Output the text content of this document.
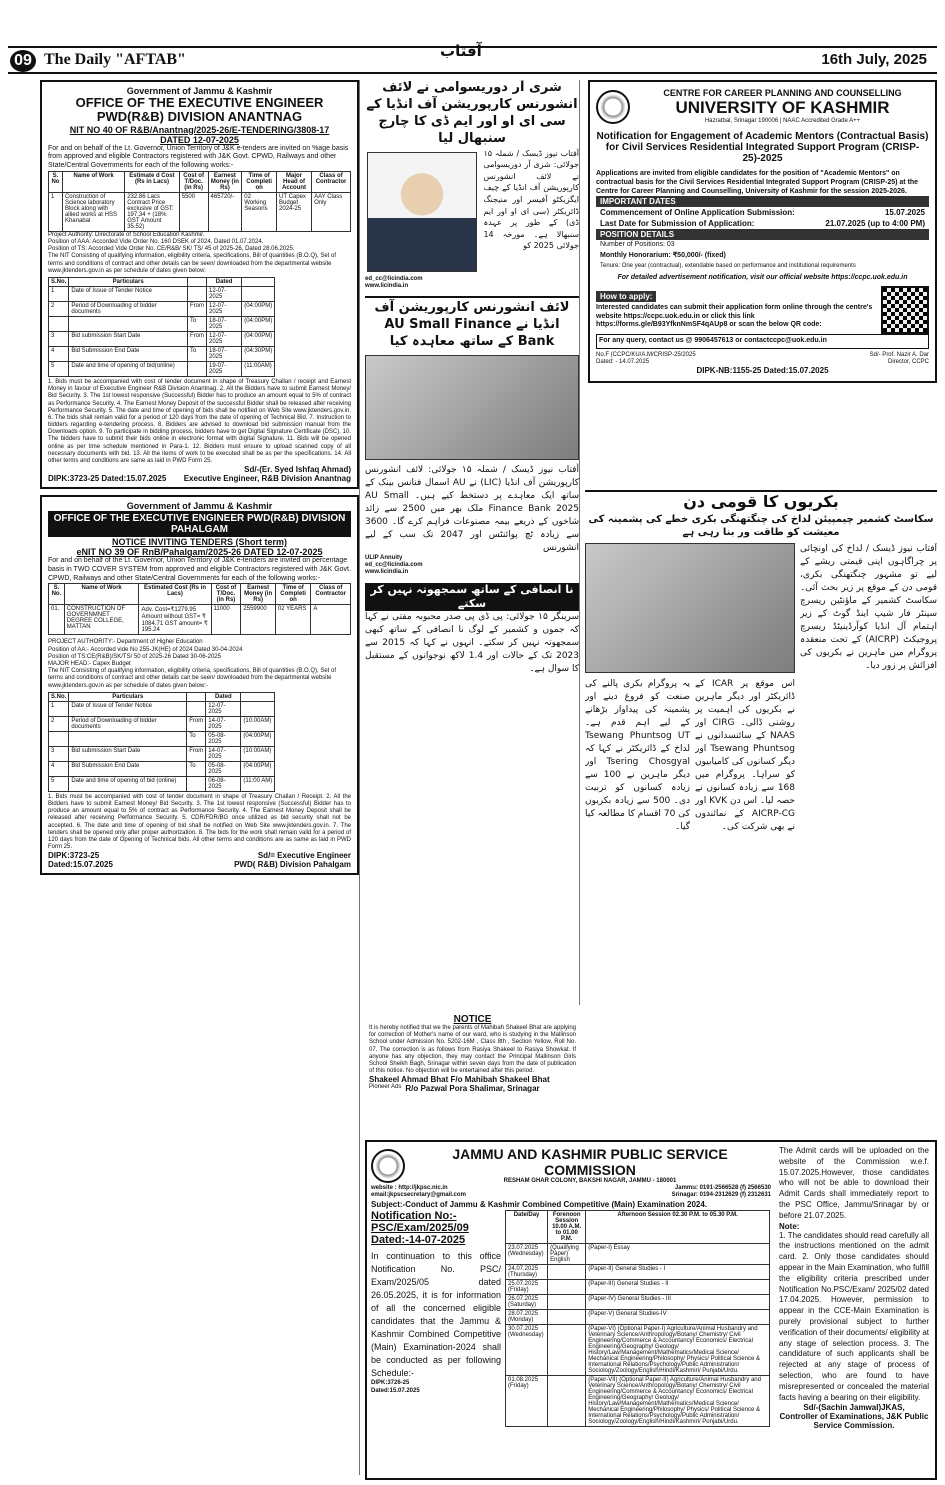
09 The Daily "AFTAB"	16th July, 2025
آفتاب
Government of Jammu & Kashmir
OFFICE OF THE EXECUTIVE ENGINEER PWD(R&B) DIVISION ANANTNAG
NIT NO 40 OF R&B/Anantnag/2025-26/E-TENDERING/3808-17
DATED 12-07-2025

For and on behalf of the Lt. Governor, Union Territory of J&K e-tenders are invited on %age basis from approved and eligible Contractors registered with J&K Govt. CPWD, Railways and other State/Central Governments for each of the following works:-

S. No	Name of Work	Estimate d Cost (Rs in Lacs)	Cost of T/Doc. (in Rs)	Earnest Money (in Rs)	Time of Completi on	Major Head of Account	Class of Contractor
1	Construction of Science laboratory Block along with allied works at HSS Khanabal	232.86 Lacs Contract Price exclusive of GST: 197.34 + (18% GST Amount 35.52)	5500	465720/-	02 Working Seasons	UT Capex Budget 2024-25	AAY Class Only

Project Authority: Directorate of School Education Kashmir.

Position of AAA: Accorded Vide Order No. 160 DSEK of 2024, Dated 01.07.2024.

Position of TS: Accorded Vide Order No. CE/R&B/ SK/ TS/ 45 of 2025-26, Dated 28.06.2025.

The NIT Consisting of qualifying information, eligibility criteria, specifications, Bill of quantities (B.O.Q), Set of terms and conditions of contract and other details can be seen/ downloaded from the departmental website www.jktenders.gov.in as per schedule of dates given below:

S.No.	Particulars		Dated	
1	Date of Issue of Tender Notice		12-07-2025	
2	Period of Downloading of bidder documents	From	12-07-2025	(04:00PM)
		To	18-07-2025	(04:00PM)
3	Bid submission Start Date	From	12-07-2025	(04:00PM)
4	Bid Submission End Date	To	18-07-2025	(04:30PM)
5	Date and time of opening of bid(online)		19-07-2025	(11:00AM)

1. Bids must be accompanied with cost of tender document in shape of Treasury Challan / receipt and Earnest Money in favour of Executive Engineer R&B Division Anantnag. 2. All the Bidders have to submit Earnest Money/ Bid Security. 3. The 1st lowest responsive (Successful) Bidder has to produce an amount equal to 5% of contract as Performance Security. 4. The Earnest Money Deposit of the successful Bidder shall be released after receiving Performance Security. 5. The date and time of opening of bids shall be notified on Web Site www.jktenders.gov.in. 6. The bids shall remain valid for a period of 120 days from the date of opening of Technical Bid. 7. Instruction to bidders regarding e-tendering process. 8. Bidders are advised to download bid submission manual from the Downloads option. 9. To participate in bidding process, bidders have to get Digital Signature Certificate (DSC). 10. The bidders have to submit their bids online in electronic format with digital Signature. 11. Bids will be opened online as per time schedule mentioned in Para-1. 12. Bidders must ensure to upload scanned copy of all necessary documents with bid. 13. All the items of work to be executed shall be as per the specifications. 14. All other terms and conditions are same as laid in PWD Form 25.

Sd/-(Er. Syed Ishfaq Ahmad)
DIPK:3723-25 Dated:15.07.2025 Executive Engineer, R&B Division Anantnag
Government of Jammu & Kashmir
OFFICE OF THE EXECUTIVE ENGINEER PWD(R&B) DIVISION PAHALGAM
NOTICE INVITING TENDERS (Short term)
eNIT NO 39 OF RnB/Pahalgam/2025-26 DATED 12-07-2025

For and on behalf of the Lt. Governor, Union Territory of J&K e-tenders are invited on percentage basis in TWO COVER SYSTEM from approved and eligible Contractors registered with J&K Govt. CPWD, Railways and other State/Central Governments for each of the following works:-

S. No.	Name of Work	Estimated Cost (Rs in Lacs)	Cost of T/Doc. (in Rs)	Earnest Money (in Rs)	Time of Completi on	Class of Contractor
01.	CONSTRUCTION OF GOVERNMNET DEGREE COLLEGE, MATTAN	Adv. Cost=₹1279.95 Amount without GST= ₹ 1084.71 GST amount= ₹ 195.24	11000	2559900	02 YEARS	A

PROJECT AUTHORITY:- Department of Higher Education

Position of AA:- Accorded vide No 255-JK(HE) of 2024 Dated 30-04-2024

Position of TS:CE(R&B)/SK/TS/ 50 of 2025-26 Dated 30-06-2025

MAJOR HEAD:- Capex Budget

The NIT Consisting of qualifying information, eligibility criteria, specifications, Bill of quantities (B.O.Q), Set of terms and conditions of contract and other details can be seen/ downloaded from the departmental website www.jktenders.gov.in as per schedule of dates given below:-

S.No.	Particulars		Dated	
1	Date of Issue of Tender Notice		12-07-2025	
2	Period of Downloading of bidder documents	From	14-07-2025	(10:00AM)
		To	05-08-2025	(04:00PM)
3	Bid submission Start Date	From	14-07-2025	(10:00AM)
4	Bid Submission End Date	To	05-08-2025	(04:00PM)
5	Date and time of opening of bid (online)		06-08-2025	(11:00 AM)

1. Bids must be accompanied with cost of tender document in shape of Treasury Challan / Receipt. 2. All the Bidders have to submit Earnest Money/ Bid Security. 3. The 1st lowest responsive (Successful) Bidder has to produce an amount equal to 5% of contract as Performance Security. 4. The Earnest Money Deposit shall be released after receiving Performance Security. 5. CDR/FDR/BG once utilized as bid security shall not be accepted. 6. The date and time of opening of bid shall be notified on Web Site www.jktenders.gov.in. 7. The tenders shall be opened only after proper authorization. 8. The bids for the work shall remain valid for a period of 120 days from the date of Opening of Technical bids. All other terms and conditions are as same as laid in PWD Form 25.

DIPK:3723-25	Sd/= Executive Engineer
Dated:15.07.2025	PWD( R&B) Division Pahalgam
شری آر دوریسوامی نے لائف انشورنس کارپوریشن آف انڈیا کے سی ای او اور ایم ڈی کا چارج سنبھال لیا
ed_cc@licindia.com
www.licindia.in

آفتاب نیوز ڈیسک / شملہ ۱۵ جولائی: شری آر دوریسوامی نے لائف انشورنس کارپوریشن آف انڈیا کے چیف ایگزیکٹو آفیسر اور منیجنگ ڈائریکٹر (سی ای او اور ایم ڈی) کے طور پر عہدہ سنبھالا ہے۔ مورخہ 14 جولائی 2025 کو

لائف انشورنس کارپوریشن آف انڈیا نے AU Small Finance Bank کے ساتھ معاہدہ کیا

آفتاب نیوز ڈیسک / شملہ ۱۵ جولائی: لائف انشورنس کارپوریشن آف انڈیا (LIC) نے AU اسمال فنانس بینک کے ساتھ ایک معاہدے پر دستخط کیے ہیں۔ AU Small Finance Bank 2025 ملک بھر میں 2500 سے زائد شاخوں کے ذریعے بیمہ مصنوعات فراہم کرے گا۔ 3600 سے زیادہ ٹچ پوائنٹس اور 2047 تک سب کے لیے انشورنس

ULIP Annuity
ed_cc@licindia.com
www.licindia.in
نا انصافی کے ساتھ سمجھوتہ نہیں کر سکتے

سرینگر ۱۵ جولائی: پی ڈی پی صدر محبوبہ مفتی نے کہا کہ جموں و کشمیر کے لوگ نا انصافی کے ساتھ کبھی سمجھوتہ نہیں کر سکتے۔ انہوں نے کہا کہ 2015 سے 2023 تک کے حالات اور 1.4 لاکھ نوجوانوں کے مستقبل کا سوال ہے۔

NOTICE

It is hereby notified that we the parents of Mahibah Shakeel Bhat are applying for correction of Mother's name of our ward, who is studying in the Mallinson School under Admission No. 5202-16M , Class 8th , Section Yellow, Roll No. 07. The correction is as follows from Rasiya Shakeel to Rasiya Showkat. If anyone has any objection, they may contact the Principal Mallinson Girls School Sheikh Bagh, Srinagar within seven days from the date of publication of this notice. No objection will be entertained after this period.

Shakeel Ahmad Bhat F/o Mahibah Shakeel Bhat
Pioneer Ads R/o Pazwal Pora Shalimar, Srinagar
CENTRE FOR CAREER PLANNING AND COUNSELLING
UNIVERSITY OF KASHMIR
Hazratbal, Srinagar 190006 | NAAC Accredited Grade A++
Notification for Engagement of Academic Mentors (Contractual Basis) for Civil Services Residential Integrated Support Program (CRISP-25)-2025

Applications are invited from eligible candidates for the position of "Academic Mentors" on contractual basis for the Civil Services Residential Integrated Support Program (CRISP-25) at the Centre for Career Planning and Counselling, University of Kashmir for the session 2025-2026.

IMPORTANT DATES
Commencement of Online Application Submission:	15.07.2025
Last Date for Submission of Application:	21.07.2025 (up to 4:00 PM)
POSITION DETAILS
Number of Positions: 03
Monthly Honorarium: ₹50,000/- (fixed)
Tenure: One year (contractual), extendable based on performance and institutional requirements
For detailed advertisement notification, visit our official website https://ccpc.uok.edu.in
How to apply:

Interested candidates can submit their application form online through the centre's website https://ccpc.uok.edu.in or click this link https://forms.gle/B93YfknNmSF4qAUp8 or scan the below QR code:

For any query, contact us @ 9906457613 or contactccpc@uok.edu.in
No.F (CCPC/KU/A.M/CRISP-25/2025
Dated: - 14.07.2025
Sd/- Prof. Nazir A. Dar
Director, CCPC
DIPK-NB:1155-25 Dated:15.07.2025
بکریوں کا قومی دن
سکاسٹ کشمیر چیمپیئن لداخ کی چنگتھنگی بکری خطے کی پشمینہ کی معیشت کو طاقت ور بنا رہی ہے

آفتاب نیوز ڈیسک / لداخ کی اونچائی پر چراگاہوں اپنی قیمتی ریشے کے لیے تو مشہور چنگتھنگی بکری، قومی دن کے موقع پر زیر بحث آئی۔ سکاسٹ کشمیر کے ماؤنٹین ریسرچ سینٹر فار شیپ اینڈ گوٹ کے زیر اہتمام آل انڈیا کوآرڈینیٹڈ ریسرچ پروجیکٹ (AICRP) کے تحت منعقدہ پروگرام میں ماہرین نے بکریوں کی افزائش پر زور دیا۔

اس موقع پر ICAR کے ڈائریکٹر اور دیگر ماہرین نے بکریوں کی اہمیت پر روشنی ڈالی۔ CIRG اور NAAS کے سائنسدانوں نے Tsewang Phuntsog اور دیگر کسانوں کی کامیابیوں کو سراہا۔ پروگرام میں 168 سے زیادہ کسانوں نے حصہ لیا۔ اس دن KVK اور AICRP-CG کے نمائندوں نے بھی شرکت کی۔

یہ پروگرام بکری پالنے کی صنعت کو فروغ دینے اور پشمینہ کی پیداوار بڑھانے کے لیے اہم قدم ہے۔ Tsewang Phuntsog UT لداخ کے ڈائریکٹر نے کہا کہ Tsering Chosgyal اور دیگر ماہرین نے 100 سے زیادہ کسانوں کو تربیت دی۔ 500 سے زیادہ بکریوں کی 70 اقسام کا مطالعہ کیا گیا۔

JAMMU AND KASHMIR PUBLIC SERVICE COMMISSION
RESHAM GHAR COLONY, BAKSHI NAGAR, JAMMU - 180001
website : http://jkpsc.nic.in	Jammu: 0191-2566528 (f) 2566530
email:jkpscsecretary@gmail.com	Srinagar: 0194-2312629 (f) 2312631
Subject:-Conduct of Jammu & Kashmir Combined Competitive (Main) Examination 2024.
Notification No:- PSC/Exam/2025/09
Dated:-14-07-2025

In continuation to this office Notification No. PSC/ Exam/2025/05 dated 26.05.2025, it is for information of all the concerned eligible candidates that the Jammu & Kashmir Combined Competitive (Main) Examination-2024 shall be conducted as per following Schedule:-

DIPK:3726-25
Dated:15.07.2025
Date/Day	Forenoon Session 10.00 A.M. to 01.00 P.M.	Afternoon Session 02.30 P.M. to 05.30 P.M.
23.07.2025 (Wednesday)	(Qualifying Paper) English	(Paper-I) Essay
24.07.2025 (Thursday)		(Paper-II) General Studies - I
25.07.2025 (Friday)		(Paper-III) General Studies - II
26.07.2025 (Saturday)		(Paper-IV) General Studies - III
28.07.2025 (Monday)		(Paper-V) General Studies-IV
30.07.2025 (Wednesday)		(Paper-VI) (Optional Paper-I) Agriculture/Animal Husbandry and Veterinary Science/Anthropology/Botany/ Chemistry/ Civil Engineering/Commerce & Accountancy/ Economics/ Electrical Engineering/Geography/ Geology/ History/Law/Management/Mathematics/Medical Science/ Mechanical Engineering/Philosophy/ Physics/ Political Science & International Relations/Psychology/Public Administration/ Sociology/Zoology/English/Hindi/Kashmiri/ Punjabi/Urdu.
01.08.2025 (Friday)		(Paper-VII) (Optional Paper-II) Agriculture/Animal Husbandry and Veterinary Science/Anthropology/Botany/ Chemistry/ Civil Engineering/Commerce & Accountancy/ Economics/ Electrical Engineering/Geography/ Geology/ History/Law/Management/Mathematics/Medical Science/ Mechanical Engineering/Philosophy/ Physics/ Political Science & International Relations/Psychology/Public Administration/ Sociology/Zoology/English/Hindi/Kashmiri/ Punjabi/Urdu.

The Admit cards will be uploaded on the website of the Commission w.e.f. 15.07.2025.However, those candidates who will not be able to download their Admit Cards shall immediately report to the PSC Office, Jammu/Srinagar by or before 21.07.2025.

Note:

1. The candidates should read carefully all the instructions mentioned on the admit card. 2. Only those candidates should appear in the Main Examination, who fulfill the eligibility criteria prescribed under Notification No.PSC/Exam/ 2025/02 dated 17.04.2025. However, permission to appear in the CCE-Main Examination is purely provisional subject to further verification of their documents/ eligibility at any stage of selection process. 3. The candidature of such applicants shall be rejected at any stage of process of selection, who are found to have misrepresented or concealed the material facts having a bearing on their eligibility.

Sd/-(Sachin Jamwal)JKAS,
Controller of Examinations, J&K Public Service Commission.
